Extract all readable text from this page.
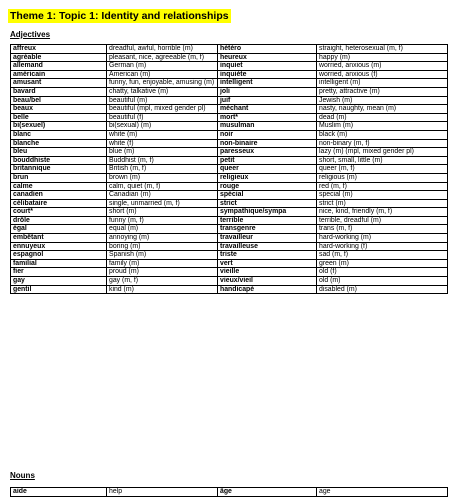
Theme 1: Topic 1: Identity and relationships
Adjectives
affreux	dreadful, awful, horrible (m)	hétéro	straight, heterosexual (m, f)
agréable	pleasant, nice, agreeable (m, f)	heureux	happy (m)
allemand	German (m)	inquiet	worried, anxious (m)
américain	American (m)	inquiète	worried, anxious (f)
amusant	funny, fun, enjoyable, amusing (m)	intelligent	intelligent (m)
bavard	chatty, talkative (m)	joli	pretty, attractive (m)
beau/bel	beautiful (m)	juif	Jewish (m)
beaux	beautiful (mpl, mixed gender pl)	méchant	nasty, naughty, mean (m)
belle	beautiful (f)	mort*	dead (m)
bi(sexuel)	bi(sexual) (m)	musulman	Muslim (m)
blanc	white (m)	noir	black (m)
blanche	white (f)	non-binaire	non-binary (m, f)
bleu	blue (m)	paresseux	lazy (m) (mpl, mixed gender pl)
bouddhiste	Buddhist (m, f)	petit	short, small, little (m)
britannique	British (m, f)	queer	queer (m, f)
brun	brown (m)	religieux	religious (m)
calme	calm, quiet (m, f)	rouge	red (m, f)
canadien	Canadian (m)	spécial	special (m)
célibataire	single, unmarried (m, f)	strict	strict (m)
court*	short (m)	sympathique/sympa	nice, kind, friendly (m, f)
drôle	funny (m, f)	terrible	terrible, dreadful (m)
égal	equal (m)	transgenre	trans (m, f)
embêtant	annoying (m)	travailleur	hard-working (m)
ennuyeux	boring (m)	travailleuse	hard-working (f)
espagnol	Spanish (m)	triste	sad (m, f)
familial	family (m)	vert	green (m)
fier	proud (m)	vieille	old (f)
gay	gay (m, f)	vieux/vieil	old (m)
gentil	kind (m)	handicapé	disabled (m)
Nouns
aide	help	âge	age
